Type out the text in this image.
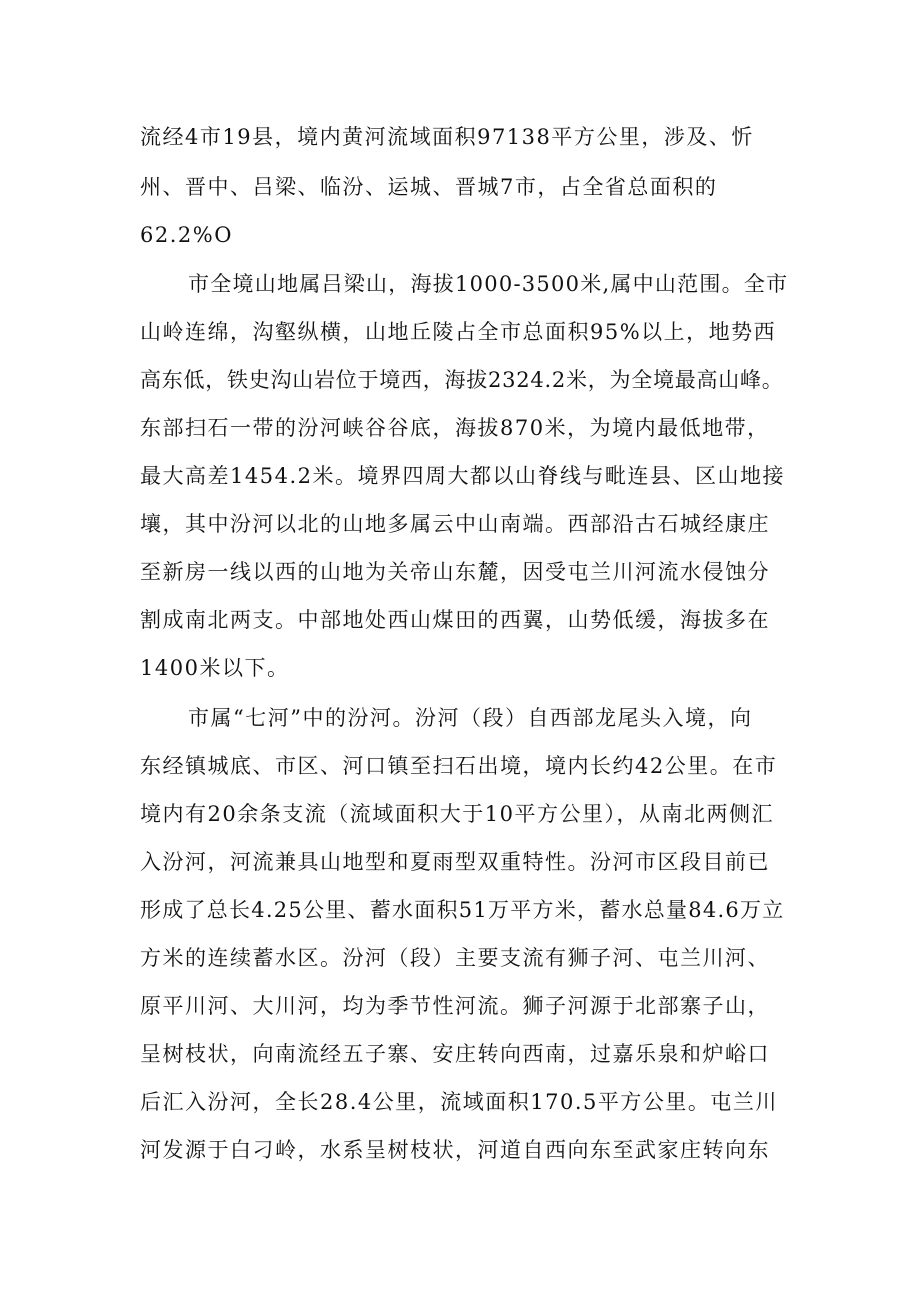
流经4市19县，境内黄河流域面积97138平方公里，涉及、忻
州、晋中、吕梁、临汾、运城、晋城7市，占全省总面积的
62.2%O
市全境山地属吕梁山，海拔1000-3500米,属中山范围。全市
山岭连绵，沟壑纵横，山地丘陵占全市总面积95%以上，地势西
高东低，铁史沟山岩位于境西，海拔2324.2米，为全境最高山峰。
东部扫石一带的汾河峡谷谷底，海拔870米，为境内最低地带，
最大高差1454.2米。境界四周大都以山脊线与毗连县、区山地接
壤，其中汾河以北的山地多属云中山南端。西部沿古石城经康庄
至新房一线以西的山地为关帝山东麓，因受屯兰川河流水侵蚀分
割成南北两支。中部地处西山煤田的西翼，山势低缓，海拔多在
1400米以下。
市属“七河”中的汾河。汾河（段）自西部龙尾头入境，向
东经镇城底、市区、河口镇至扫石出境，境内长约42公里。在市
境内有20余条支流（流域面积大于10平方公里），从南北两侧汇
入汾河，河流兼具山地型和夏雨型双重特性。汾河市区段目前已
形成了总长4.25公里、蓄水面积51万平方米，蓄水总量84.6万立
方米的连续蓄水区。汾河（段）主要支流有狮子河、屯兰川河、
原平川河、大川河，均为季节性河流。狮子河源于北部寨子山，
呈树枝状，向南流经五子寨、安庄转向西南，过嘉乐泉和炉峪口
后汇入汾河，全长28.4公里，流域面积170.5平方公里。屯兰川
河发源于白刁岭，水系呈树枝状，河道自西向东至武家庄转向东
